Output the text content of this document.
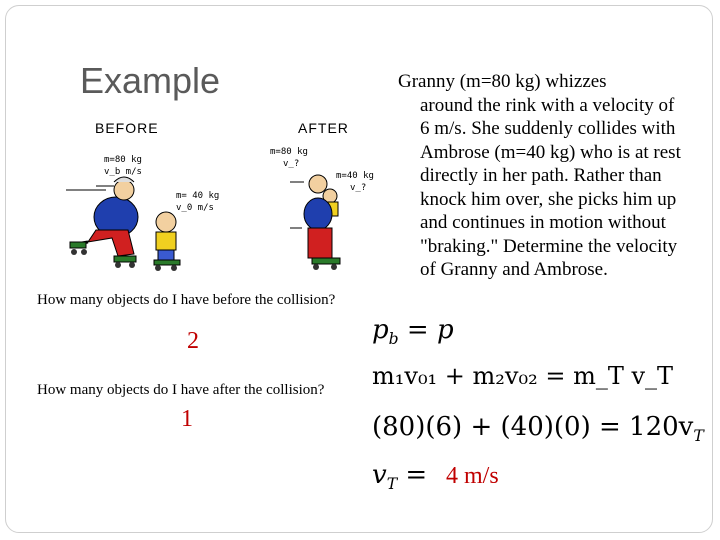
Example
BEFORE
m=80 kg
v_b m/s
m= 40 kg
v_0 m/s
AFTER
m=80 kg
v_?
m=40 kg
v_?

Granny (m=80 kg) whizzes

around the rink with a velocity of 6 m/s. She suddenly collides with Ambrose (m=40 kg) who is at rest directly in her path. Rather than knock him over, she picks him up and continues in motion without "braking." Determine the velocity of Granny and Ambrose.

How many objects do I have before the collision?
2
How many objects do I have after the collision?
1
$p_b = p$
m₁v₀₁ + m₂v₀₂ = m_T v_T
$(80)(6) + (40)(0) = 120v_T$
$v_T = 4$ m/s
